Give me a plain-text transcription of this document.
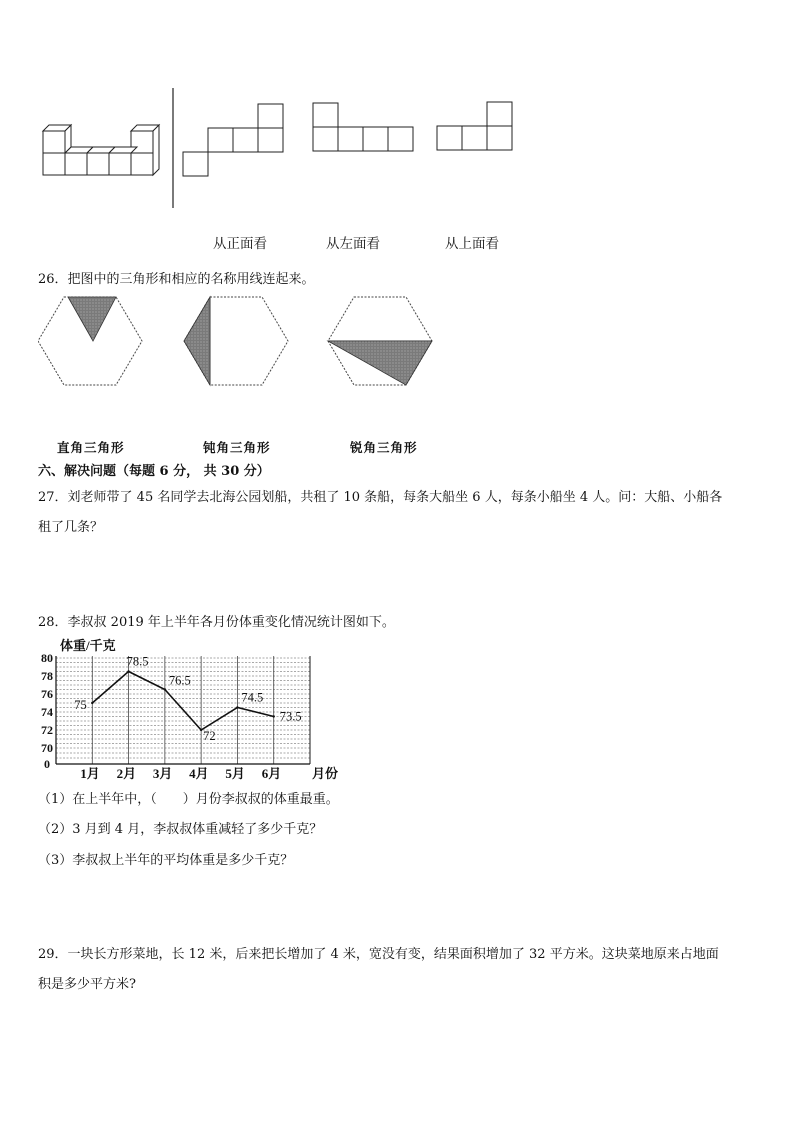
从正面看	从左面看	从上面看
26．把图中的三角形和相应的名称用线连起来。
直角三角形	钝角三角形	锐角三角形
六、解决问题（每题 6 分， 共 30 分）
27．刘老师带了 45 名同学去北海公园划船，共租了 10 条船，每条大船坐 6 人，每条小船坐 4 人。问：大船、小船各
租了几条？
28．李叔叔 2019 年上半年各月份体重变化情况统计图如下。
体重/千克
80
78
76
74
72
70
0
1月 2月 3月 4月 5月 6月 月份
75
78.5
76.5
72
74.5
73.5
（1）在上半年中，（　　）月份李叔叔的体重最重。
（2）3 月到 4 月，李叔叔体重减轻了多少千克？
（3）李叔叔上半年的平均体重是多少千克？
29．一块长方形菜地，长 12 米，后来把长增加了 4 米，宽没有变，结果面积增加了 32 平方米。这块菜地原来占地面
积是多少平方米?
